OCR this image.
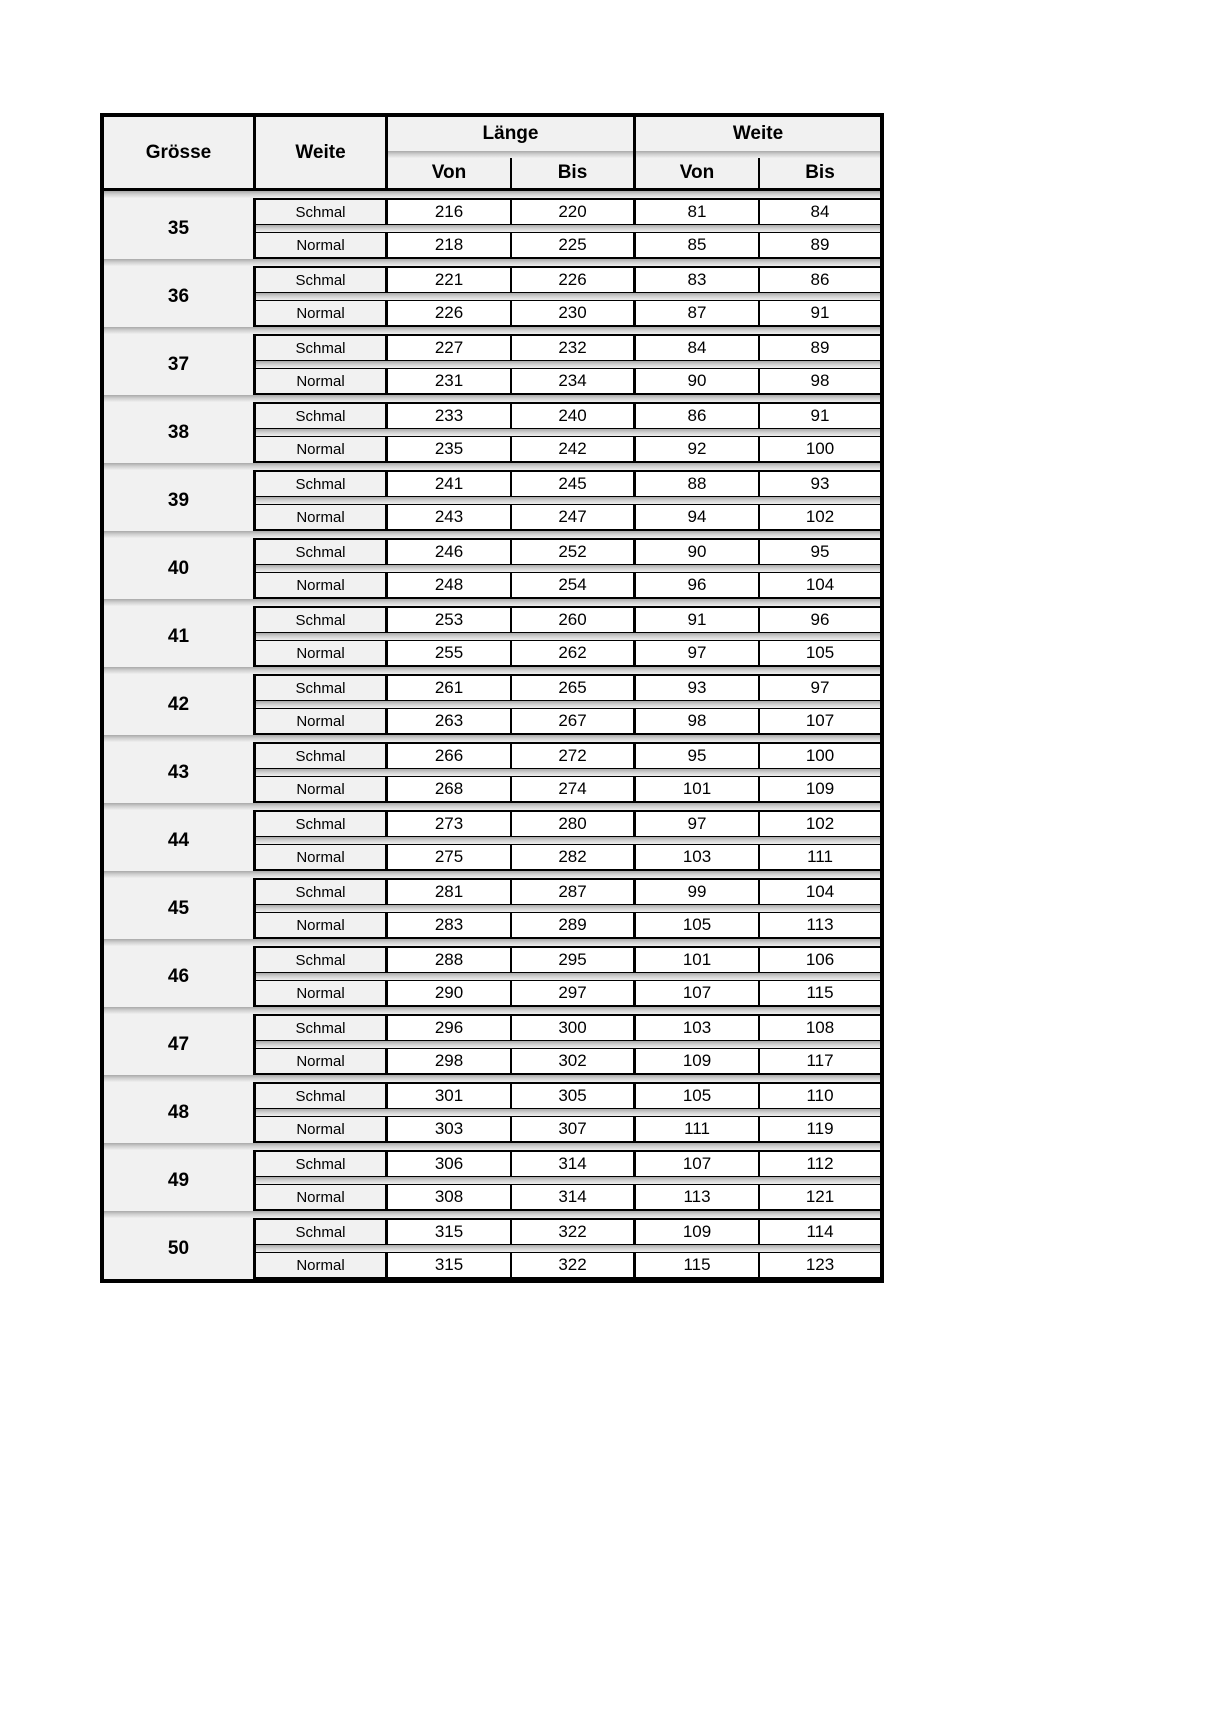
Grösse	Weite	Länge		Weite	

		Von	Bis	Von	Bis

35	Schmal	216	220	81	84

	Normal	218	225	85	89

36	Schmal	221	226	83	86

	Normal	226	230	87	91

37	Schmal	227	232	84	89

	Normal	231	234	90	98

38	Schmal	233	240	86	91

	Normal	235	242	92	100

39	Schmal	241	245	88	93

	Normal	243	247	94	102

40	Schmal	246	252	90	95

	Normal	248	254	96	104

41	Schmal	253	260	91	96

	Normal	255	262	97	105

42	Schmal	261	265	93	97

	Normal	263	267	98	107

43	Schmal	266	272	95	100

	Normal	268	274	101	109

44	Schmal	273	280	97	102

	Normal	275	282	103	111

45	Schmal	281	287	99	104

	Normal	283	289	105	113

46	Schmal	288	295	101	106

	Normal	290	297	107	115

47	Schmal	296	300	103	108

	Normal	298	302	109	117

48	Schmal	301	305	105	110

	Normal	303	307	111	119

49	Schmal	306	314	107	112

	Normal	308	314	113	121

50	Schmal	315	322	109	114

	Normal	315	322	115	123
